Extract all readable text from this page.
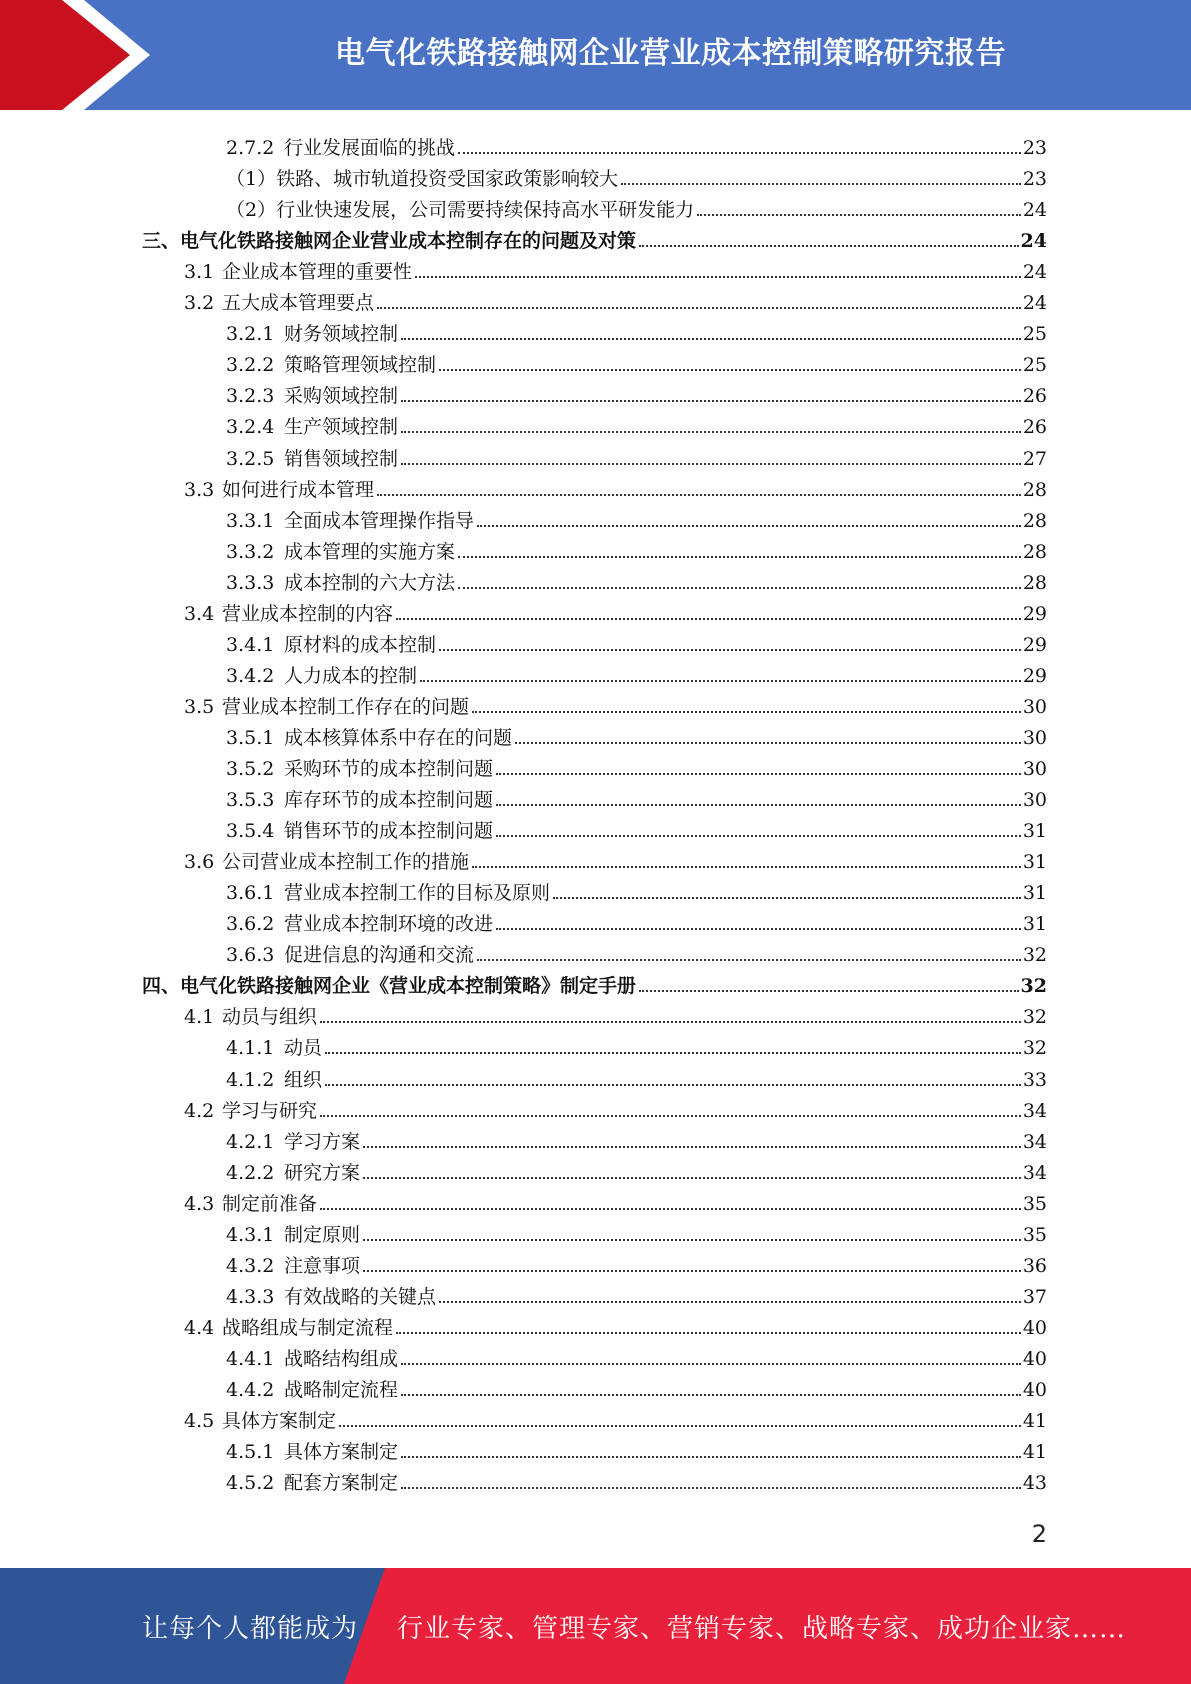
电气化铁路接触网企业营业成本控制策略研究报告
2.7.2 行业发展面临的挑战	23
（1） 铁路、城市轨道投资受国家政策影响较大	23
（2） 行业快速发展，公司需要持续保持高水平研发能力	24
三、 电气化铁路接触网企业营业成本控制存在的问题及对策	24
3.1 企业成本管理的重要性	24
3.2 五大成本管理要点	24
3.2.1 财务领域控制	25
3.2.2 策略管理领域控制	25
3.2.3 采购领域控制	26
3.2.4 生产领域控制	26
3.2.5 销售领域控制	27
3.3 如何进行成本管理	28
3.3.1 全面成本管理操作指导	28
3.3.2 成本管理的实施方案	28
3.3.3 成本控制的六大方法	28
3.4 营业成本控制的内容	29
3.4.1 原材料的成本控制	29
3.4.2 人力成本的控制	29
3.5 营业成本控制工作存在的问题	30
3.5.1 成本核算体系中存在的问题	30
3.5.2 采购环节的成本控制问题	30
3.5.3 库存环节的成本控制问题	30
3.5.4 销售环节的成本控制问题	31
3.6 公司营业成本控制工作的措施	31
3.6.1 营业成本控制工作的目标及原则	31
3.6.2 营业成本控制环境的改进	31
3.6.3 促进信息的沟通和交流	32
四、 电气化铁路接触网企业《营业成本控制策略》制定手册	32
4.1 动员与组织	32
4.1.1 动员	32
4.1.2 组织	33
4.2 学习与研究	34
4.2.1 学习方案	34
4.2.2 研究方案	34
4.3 制定前准备	35
4.3.1 制定原则	35
4.3.2 注意事项	36
4.3.3 有效战略的关键点	37
4.4 战略组成与制定流程	40
4.4.1 战略结构组成	40
4.4.2 战略制定流程	40
4.5 具体方案制定	41
4.5.1 具体方案制定	41
4.5.2 配套方案制定	43
2
让每个人都能成为 行业专家、管理专家、营销专家、战略专家、成功企业家……
